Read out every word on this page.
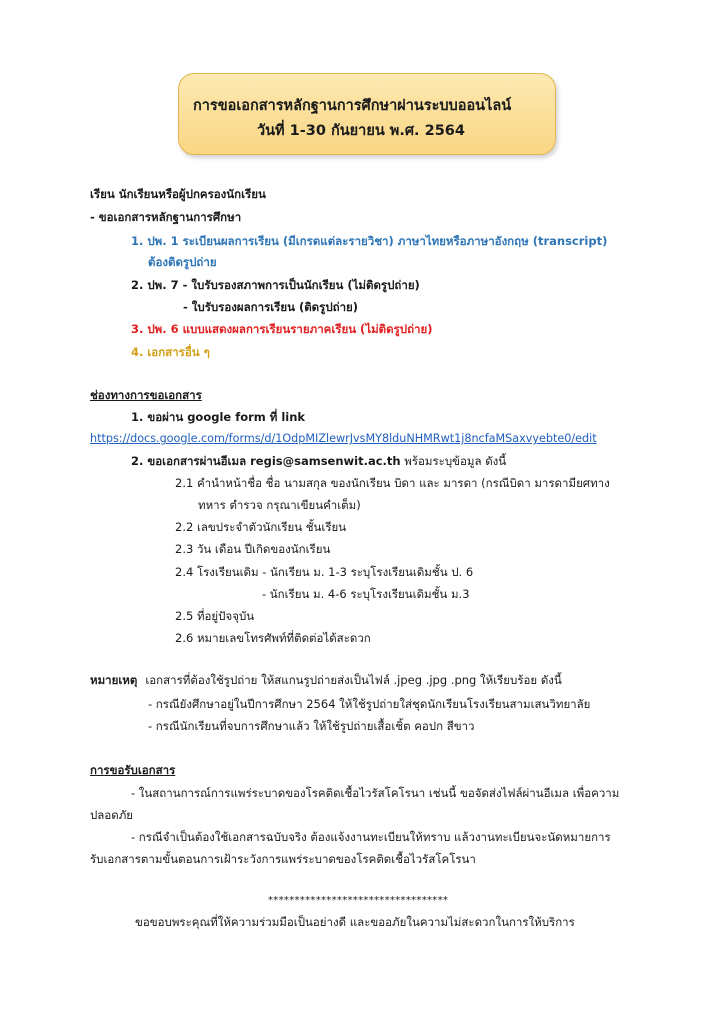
การขอเอกสารหลักฐานการศึกษาผ่านระบบออนไลน์
วันที่ 1-30 กันยายน พ.ศ. 2564
เรียน นักเรียนหรือผู้ปกครองนักเรียน
- ขอเอกสารหลักฐานการศึกษา
1. ปพ. 1 ระเบียนผลการเรียน (มีเกรดแต่ละรายวิชา) ภาษาไทยหรือภาษาอังกฤษ (transcript)
ต้องติดรูปถ่าย
2. ปพ. 7 - ใบรับรองสภาพการเป็นนักเรียน (ไม่ติดรูปถ่าย)
- ใบรับรองผลการเรียน (ติดรูปถ่าย)
3. ปพ. 6 แบบแสดงผลการเรียนรายภาคเรียน (ไม่ติดรูปถ่าย)
4. เอกสารอื่น ๆ
ช่องทางการขอเอกสาร
1. ขอผ่าน google form ที่ link
https://docs.google.com/forms/d/1OdpMIZlewrJvsMY8lduNHMRwt1j8ncfaMSaxvyebte0/edit
2. ขอเอกสารผ่านอีเมล regis@samsenwit.ac.th พร้อมระบุข้อมูล ดังนี้
2.1 คำนำหน้าชื่อ ชื่อ นามสกุล ของนักเรียน บิดา และ มารดา (กรณีบิดา มารดามียศทาง
ทหาร ตำรวจ กรุณาเขียนคำเต็ม)
2.2 เลขประจำตัวนักเรียน ชั้นเรียน
2.3 วัน เดือน ปีเกิดของนักเรียน
2.4 โรงเรียนเดิม - นักเรียน ม. 1-3 ระบุโรงเรียนเดิมชั้น ป. 6
- นักเรียน ม. 4-6 ระบุโรงเรียนเดิมชั้น ม.3
2.5 ที่อยู่ปัจจุบัน
2.6 หมายเลขโทรศัพท์ที่ติดต่อได้สะดวก
หมายเหตุ เอกสารที่ต้องใช้รูปถ่าย ให้สแกนรูปถ่ายส่งเป็นไฟล์ .jpeg .jpg .png ให้เรียบร้อย ดังนี้
- กรณียังศึกษาอยู่ในปีการศึกษา 2564 ให้ใช้รูปถ่ายใส่ชุดนักเรียนโรงเรียนสามเสนวิทยาลัย
- กรณีนักเรียนที่จบการศึกษาแล้ว ให้ใช้รูปถ่ายเสื้อเชิ้ต คอปก สีขาว
การขอรับเอกสาร
- ในสถานการณ์การแพร่ระบาดของโรคติดเชื้อไวรัสโคโรนา เช่นนี้ ขอจัดส่งไฟล์ผ่านอีเมล เพื่อความ
ปลอดภัย
- กรณีจำเป็นต้องใช้เอกสารฉบับจริง ต้องแจ้งงานทะเบียนให้ทราบ แล้วงานทะเบียนจะนัดหมายการ
รับเอกสารตามขั้นตอนการเฝ้าระวังการแพร่ระบาดของโรคติดเชื้อไวรัสโคโรนา
**********************************
ขอขอบพระคุณที่ให้ความร่วมมือเป็นอย่างดี และขออภัยในความไม่สะดวกในการให้บริการ
